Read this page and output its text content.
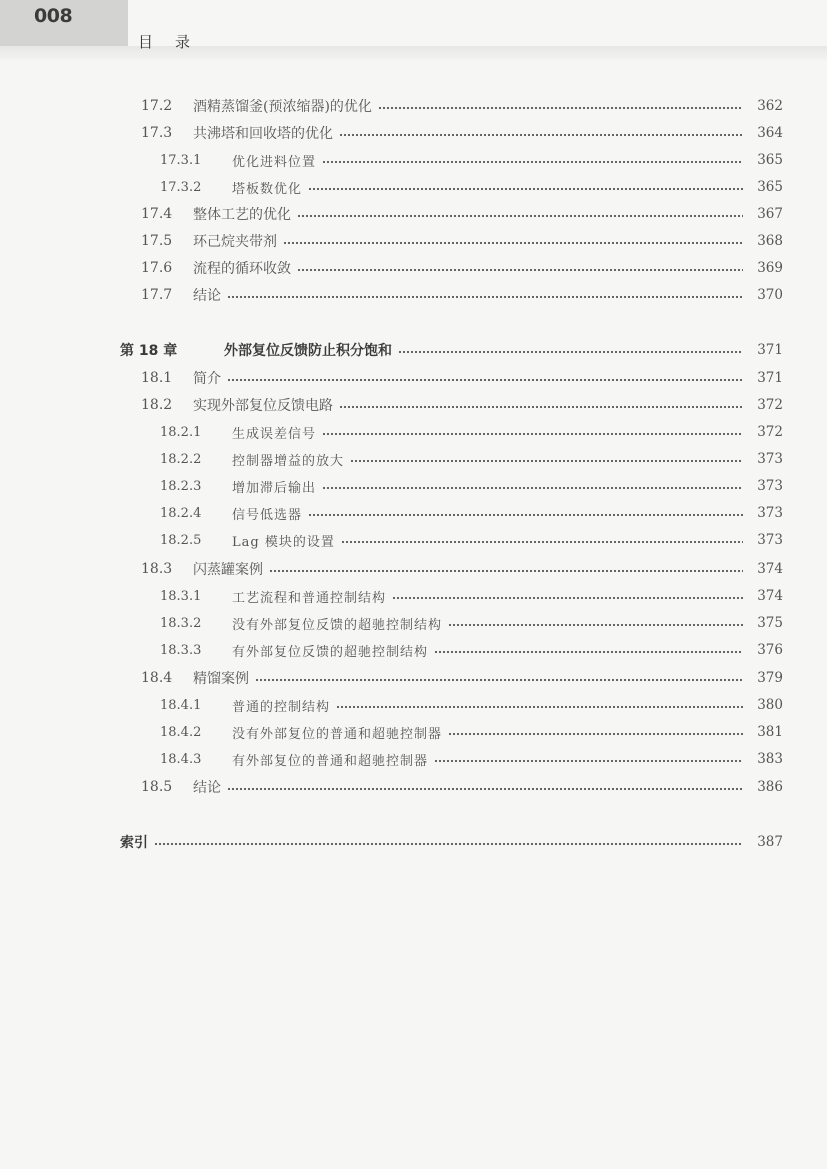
008
目 录
17.2	酒精蒸馏釜(预浓缩器)的优化	362
17.3	共沸塔和回收塔的优化	364
17.3.1	优化进料位置	365
17.3.2	塔板数优化	365
17.4	整体工艺的优化	367
17.5	环己烷夹带剂	368
17.6	流程的循环收敛	369
17.7	结论	370
第 18 章	外部复位反馈防止积分饱和	371
18.1	简介	371
18.2	实现外部复位反馈电路	372
18.2.1	生成误差信号	372
18.2.2	控制器增益的放大	373
18.2.3	增加滞后输出	373
18.2.4	信号低选器	373
18.2.5	Lag 模块的设置	373
18.3	闪蒸罐案例	374
18.3.1	工艺流程和普通控制结构	374
18.3.2	没有外部复位反馈的超驰控制结构	375
18.3.3	有外部复位反馈的超驰控制结构	376
18.4	精馏案例	379
18.4.1	普通的控制结构	380
18.4.2	没有外部复位的普通和超驰控制器	381
18.4.3	有外部复位的普通和超驰控制器	383
18.5	结论	386
索引	387
